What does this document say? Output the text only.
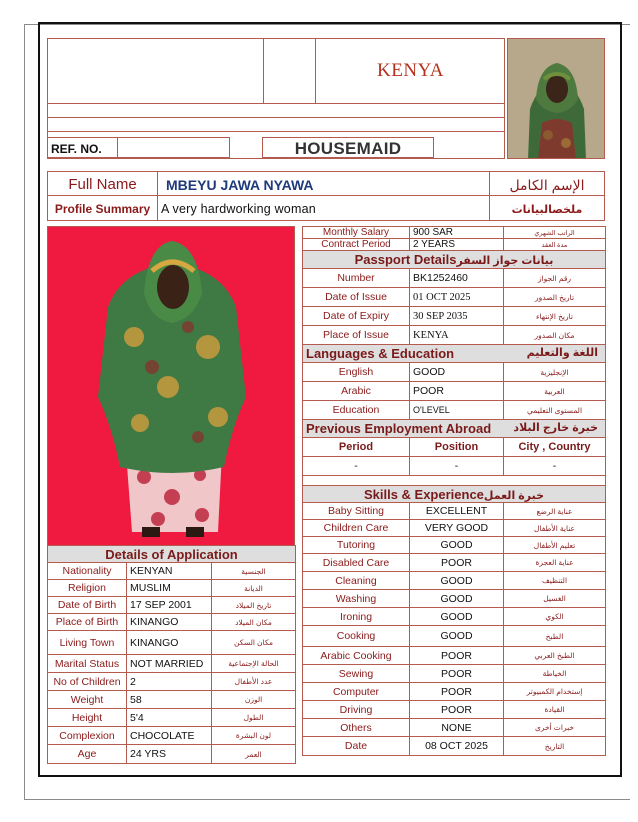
KENYA
REF. NO.	HOUSEMAID
Full Name	MBEYU JAWA NYAWA	الإسم الكامل
Profile Summary A very hardworking woman	ملخصالبيانات
Details of Application		
Nationality	KENYAN	الجنسية
Religion	MUSLIM	الديانة
Date of Birth	17 SEP 2001	تاريخ الميلاد
Place of Birth	KINANGO	مكان الميلاد
Living Town	KINANGO	مكان السكن
Marital Status	NOT MARRIED	الحالة الإجتماعية
No of Children	2	عدد الأطفال
Weight	58	الوزن
Height	5'4	الطول
Complexion	CHOCOLATE	لون البشرة
Age	24 YRS	العمر
Monthly Salary	900 SAR	الراتب الشهري
Contract Period	2 YEARS	مدة العقد
Passport Detailsبيانات جواز السفر		
Number	BK1252460	رقم الجواز
Date of Issue	01 OCT 2025	تاريخ الصدور
Date of Expiry	30 SEP 2035	تاريخ الإنتهاء
Place of Issue	KENYA	مكان الصدور
Languages & Education اللغة والتعليم		

English	GOOD	الإنجليزية
Arabic	POOR	العربية
Education	O'LEVEL	المستوى التعليمي
Previous Employment Abroad خبرة خارج البلاد		

Period	Position	City , Country
-	-	-

Skills & Experienceخبرة العمل		
Baby Sitting	EXCELLENT	عناية الرضع
Children Care	VERY GOOD	عناية الأطفال
Tutoring	GOOD	تعليم الأطفال
Disabled Care	POOR	عناية العجزة
Cleaning	GOOD	التنظيف
Washing	GOOD	الغسيل
Ironing	GOOD	الكوي
Cooking	GOOD	الطبخ
Arabic Cooking	POOR	الطبخ العربي
Sewing	POOR	الخياطة
Computer	POOR	إستخدام الكمبيوتر
Driving	POOR	القيادة
Others	NONE	خبرات أخرى
Date	08 OCT 2025	التاريخ
